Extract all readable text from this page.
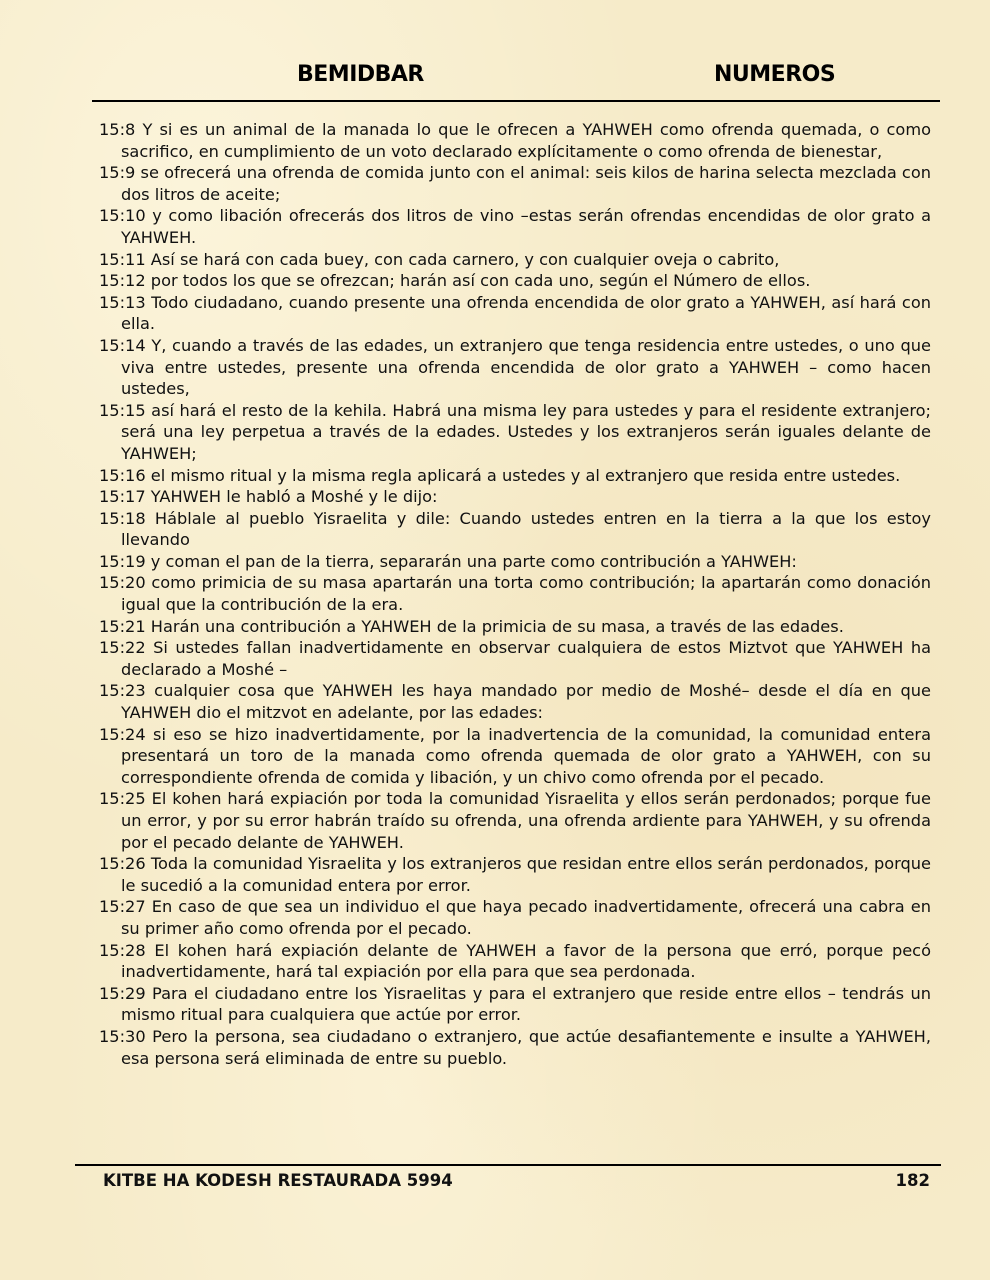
BEMIDBAR	NUMEROS
15:8 Y si es un animal de la manada lo que le ofrecen a YAHWEH como ofrenda quemada, o como sacrifico, en cumplimiento de un voto declarado explícitamente o como ofrenda de bienestar,
15:9 se ofrecerá una ofrenda de comida junto con el animal: seis kilos de harina selecta mezclada con dos litros de aceite;
15:10 y como libación ofrecerás dos litros de vino –estas serán ofrendas encendidas de olor grato a YAHWEH.
15:11 Así se hará con cada buey, con cada carnero, y con cualquier oveja o cabrito,
15:12 por todos los que se ofrezcan; harán así con cada uno, según el Número de ellos.
15:13 Todo ciudadano, cuando presente una ofrenda encendida de olor grato a YAHWEH, así hará con ella.
15:14 Y, cuando a través de las edades, un extranjero que tenga residencia entre ustedes, o uno que viva entre ustedes, presente una ofrenda encendida de olor grato a YAHWEH – como hacen ustedes,
15:15 así hará el resto de la kehila. Habrá una misma ley para ustedes y para el residente extranjero; será una ley perpetua a través de la edades. Ustedes y los extranjeros serán iguales delante de YAHWEH;
15:16 el mismo ritual y la misma regla aplicará a ustedes y al extranjero que resida entre ustedes.
15:17 YAHWEH le habló a Moshé y le dijo:
15:18 Háblale al pueblo Yisraelita y dile: Cuando ustedes entren en la tierra a la que los estoy llevando
15:19 y coman el pan de la tierra, separarán una parte como contribución a YAHWEH:
15:20 como primicia de su masa apartarán una torta como contribución; la apartarán como donación igual que la contribución de la era.
15:21 Harán una contribución a YAHWEH de la primicia de su masa, a través de las edades.
15:22 Si ustedes fallan inadvertidamente en observar cualquiera de estos Miztvot que YAHWEH ha declarado a Moshé –
15:23 cualquier cosa que YAHWEH les haya mandado por medio de Moshé– desde el día en que YAHWEH dio el mitzvot en adelante, por las edades:
15:24 si eso se hizo inadvertidamente, por la inadvertencia de la comunidad, la comunidad entera presentará un toro de la manada como ofrenda quemada de olor grato a YAHWEH, con su correspondiente ofrenda de comida y libación, y un chivo como ofrenda por el pecado.
15:25 El kohen hará expiación por toda la comunidad Yisraelita y ellos serán perdonados; porque fue un error, y por su error habrán traído su ofrenda, una ofrenda ardiente para YAHWEH, y su ofrenda por el pecado delante de YAHWEH.
15:26 Toda la comunidad Yisraelita y los extranjeros que residan entre ellos serán perdonados, porque le sucedió a la comunidad entera por error.
15:27 En caso de que sea un individuo el que haya pecado inadvertidamente, ofrecerá una cabra en su primer año como ofrenda por el pecado.
15:28 El kohen hará expiación delante de YAHWEH a favor de la persona que erró, porque pecó inadvertidamente, hará tal expiación por ella para que sea perdonada.
15:29 Para el ciudadano entre los Yisraelitas y para el extranjero que reside entre ellos – tendrás un mismo ritual para cualquiera que actúe por error.
15:30 Pero la persona, sea ciudadano o extranjero, que actúe desafiantemente e insulte a YAHWEH, esa persona será eliminada de entre su pueblo.
KITBE HA KODESH RESTAURADA 5994	182
